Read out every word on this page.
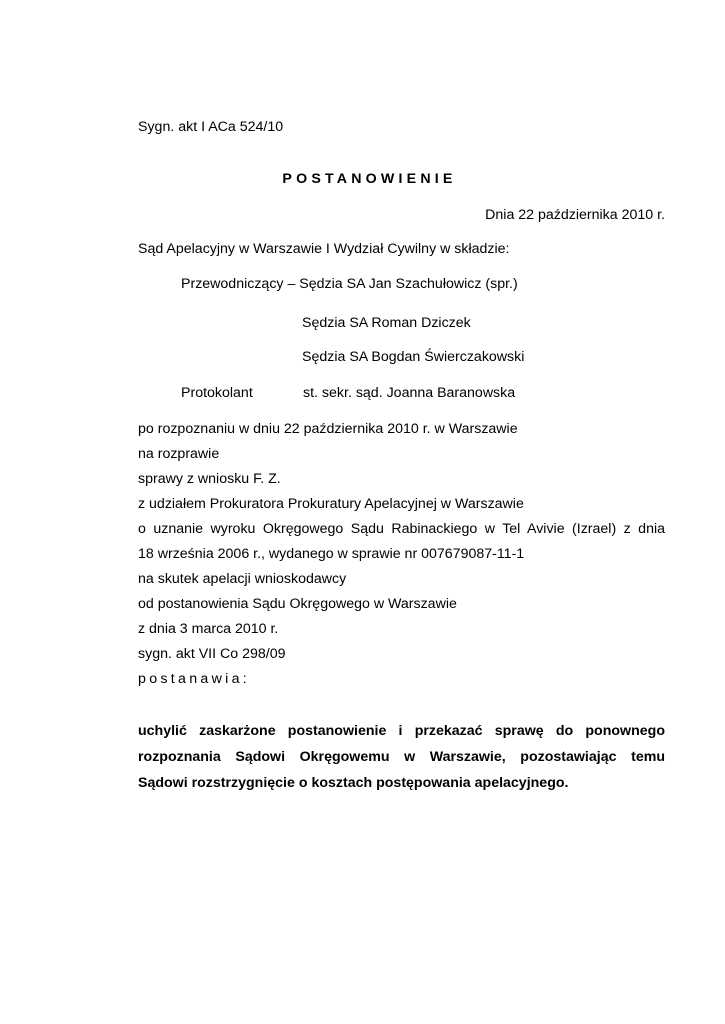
Sygn. akt I ACa 524/10
POSTANOWIENIE
Dnia 22 października 2010 r.
Sąd Apelacyjny w Warszawie I Wydział Cywilny w składzie:
Przewodniczący – Sędzia SA Jan Szachułowicz (spr.)
Sędzia SA Roman Dziczek
Sędzia SA Bogdan Świerczakowski
Protokolant	st. sekr. sąd. Joanna Baranowska
po rozpoznaniu w dniu 22 października 2010 r. w Warszawie
na rozprawie
sprawy z wniosku F. Z.
z udziałem Prokuratora Prokuratury Apelacyjnej w Warszawie
o uznanie wyroku Okręgowego Sądu Rabinackiego w Tel Avivie (Izrael) z dnia
18 września 2006 r., wydanego w sprawie nr 007679087-11-1
na skutek apelacji wnioskodawcy
od postanowienia Sądu Okręgowego w Warszawie
z dnia 3 marca 2010 r.
sygn. akt VII Co 298/09
postanawia:
uchylić zaskarżone postanowienie i przekazać sprawę do ponownego
rozpoznania Sądowi Okręgowemu w Warszawie, pozostawiając temu
Sądowi rozstrzygnięcie o kosztach postępowania apelacyjnego.
